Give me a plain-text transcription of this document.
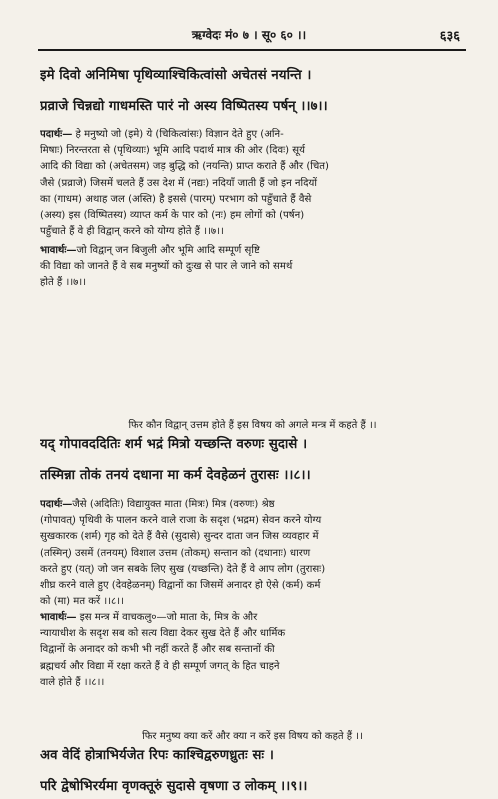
ऋग्वेदः मं० ७ । सू० ६० ।।	६३६
इमे दिवो अनिमिषा पृथिव्याश्चिकित्वांसो अचेतसं नयन्ति ।
प्रव्राजे चिन्नद्यो गाधमस्ति पारं नो अस्य विष्पितस्य पर्षन् ।।७।।
पदार्थः— हे मनुष्यो जो (इमे) ये (चिकित्वांसः) विज्ञान देते हुए (अनि-
मिषाः) निरन्तरता से (पृथिव्याः) भूमि आदि पदार्थ मात्र की ओर (दिवः) सूर्य
आदि की विद्या को (अचेतसम) जड़ बुद्धि को (नयन्ति) प्राप्त कराते हैं और (चित)
जैसे (प्रव्राजे) जिसमें चलते हैं उस देश में (नद्यः) नदियाँ जाती हैं जो इन नदियों
का (गाधम) अथाह जल (अस्ति) है इससे (पारम्) परभाग को पहुँचाते हैं वैसे
(अस्य) इस (विष्पितस्य) व्याप्त कर्म के पार को (नः) हम लोगों को (पर्षन)
पहुँचाते हैं वे ही विद्वान् करने को योग्य होते हैं ।।७।।
भावार्थः—जो विद्वान् जन बिजुली और भूमि आदि सम्पूर्ण सृष्टि
की विद्या को जानते हैं वे सब मनुष्यों को दुःख से पार ले जाने को समर्थ
होते हैं ।।७।।
फिर कौन विद्वान् उत्तम होते हैं इस विषय को अगले मन्त्र में कहते हैं ।।
यद् गोपावददितिः शर्म भद्रं मित्रो यच्छन्ति वरुणः सुदासे ।
तस्मिन्ना तोकं तनयं दधाना मा कर्म देवहेळनं तुरासः ।।८।।
पदार्थः—जैसे (अदितिः) विद्यायुक्त माता (मित्रः) मित्र (वरुणः) श्रेष्ठ
(गोपावत्) पृथिवी के पालन करने वाले राजा के सदृश (भद्रम) सेवन करने योग्य
सुखकारक (शर्म) गृह को देते हैं वैसे (सुदासे) सुन्दर दाता जन जिस व्यवहार में
(तस्मिन्) उसमें (तनयम्) विशाल उत्तम (तोकम्) सन्तान को (दधानाः) धारण
करते हुए (यत्) जो जन सबके लिए सुख (यच्छन्ति) देते हैं वे आप लोग (तुरासः)
शीघ्र करने वाले हुए (देवहेळनम्) विद्वानों का जिसमें अनादर हो ऐसे (कर्म) कर्म
को (मा) मत करें ।।८।।
भावार्थः— इस मन्त्र में वाचकलु०—जो माता के, मित्र के और
न्यायाधीश के सदृश सब को सत्य विद्या देकर सुख देते हैं और धार्मिक
विद्वानों के अनादर को कभी भी नहीं करते हैं और सब सन्तानों की
ब्रह्मचर्य और विद्या में रक्षा करते हैं वे ही सम्पूर्ण जगत् के हित चाहने
वाले होते हैं ।।८।।
फिर मनुष्य क्या करें और क्या न करें इस विषय को कहते हैं ।।
अव वेदिं होत्राभिर्यजेत रिपः काश्चिद्वरुणध्रुतः सः ।
परि द्वेषोभिरर्यमा वृणक्तूरुं सुदासे वृषणा उ लोकम् ।।९।।
